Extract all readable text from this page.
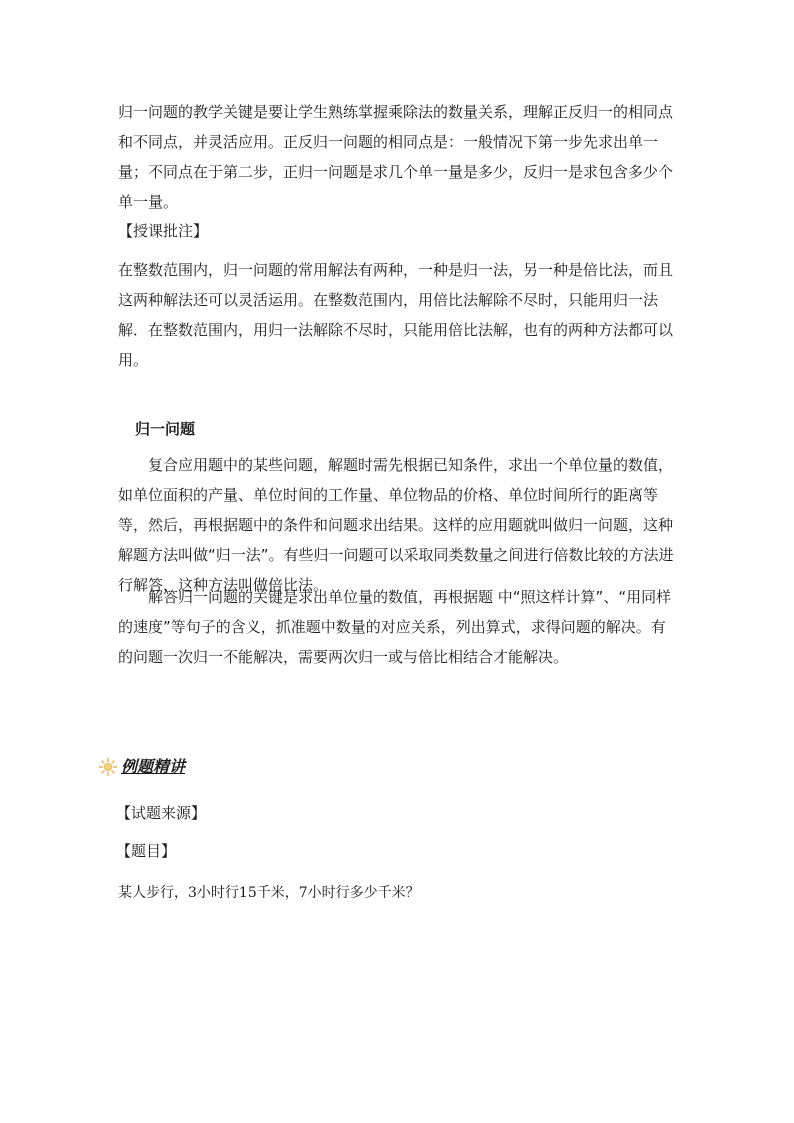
归一问题的教学关键是要让学生熟练掌握乘除法的数量关系，理解正反归一的相同点和不同点，并灵活应用。正反归一问题的相同点是：一般情况下第一步先求出单一量；不同点在于第二步，正归一问题是求几个单一量是多少，反归一是求包含多少个单一量。

【授课批注】

在整数范围内，归一问题的常用解法有两种，一种是归一法，另一种是倍比法，而且这两种解法还可以灵活运用。在整数范围内，用倍比法解除不尽时，只能用归一法解．在整数范围内，用归一法解除不尽时，只能用倍比法解，也有的两种方法都可以用。

归一问题

复合应用题中的某些问题，解题时需先根据已知条件，求出一个单位量的数值，如单位面积的产量、单位时间的工作量、单位物品的价格、单位时间所行的距离等等，然后，再根据题中的条件和问题求出结果。这样的应用题就叫做归一问题，这种解题方法叫做“归一法”。有些归一问题可以采取同类数量之间进行倍数比较的方法进行解答，这种方法叫做倍比法。

解答归一问题的关键是求出单位量的数值，再根据题 中“照这样计算”、“用同样的速度”等句子的含义，抓准题中数量的对应关系，列出算式，求得问题的解决。有的问题一次归一不能解决，需要两次归一或与倍比相结合才能解决。

例题精讲
【试题来源】
【题目】
某人步行，3小时行15千米，7小时行多少千米？
